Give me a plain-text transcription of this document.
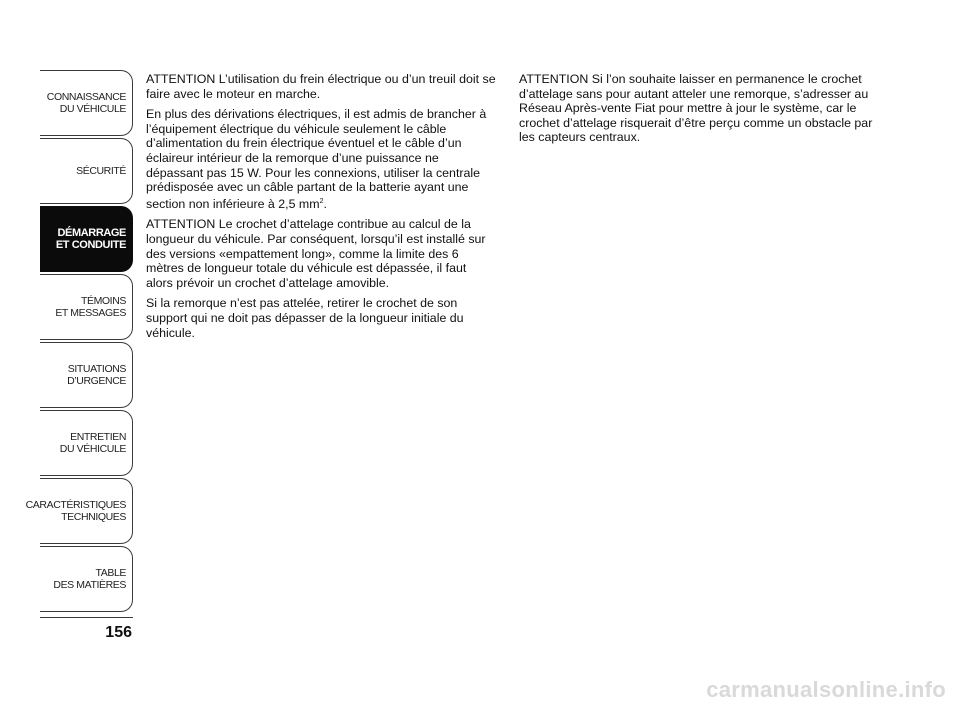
CONNAISSANCE
DU VÉHICULE
SÉCURITÉ
DÉMARRAGE
ET CONDUITE
TÉMOINS
ET MESSAGES
SITUATIONS
D’URGENCE
ENTRETIEN
DU VÉHICULE
CARACTÉRISTIQUES
TECHNIQUES
TABLE
DES MATIÈRES
156

ATTENTION L’utilisation du frein électrique ou d’un treuil doit se faire avec le moteur en marche.

En plus des dérivations électriques, il est admis de brancher à l’équipement électrique du véhicule seulement le câble d’alimentation du frein électrique éventuel et le câble d’un éclaireur intérieur de la remorque d’une puissance ne dépassant pas 15 W. Pour les connexions, utiliser la centrale prédisposée avec un câble partant de la batterie ayant une section non inférieure à 2,5 $mm^2$.

ATTENTION Le crochet d’attelage contribue au calcul de la longueur du véhicule. Par conséquent, lorsqu’il est installé sur des versions «empattement long», comme la limite des 6 mètres de longueur totale du véhicule est dépassée, il faut alors prévoir un crochet d’attelage amovible.

Si la remorque n’est pas attelée, retirer le crochet de son support qui ne doit pas dépasser de la longueur initiale du véhicule.

ATTENTION Si l’on souhaite laisser en permanence le crochet d’attelage sans pour autant atteler une remorque, s’adresser au Réseau Après-vente Fiat pour mettre à jour le système, car le crochet d’attelage risquerait d’être perçu comme un obstacle par les capteurs centraux.

carmanualsonline.info
